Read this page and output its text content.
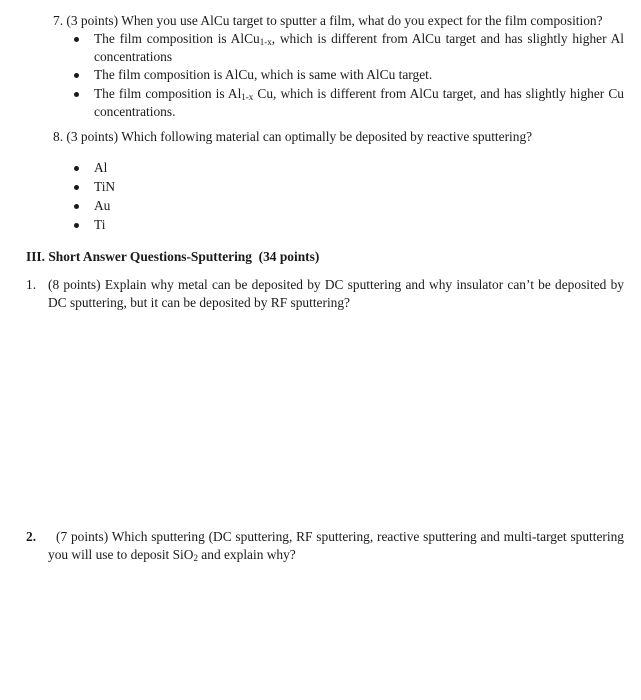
7. (3 points) When you use AlCu target to sputter a film, what do you expect for the film composition?
The film composition is AlCu$_{1-x}$, which is different from AlCu target and has slightly higher Al
concentrations
The film composition is AlCu, which is same with AlCu target.
The film composition is $Al_{1-x}$ Cu, which is different from AlCu target, and has slightly higher Cu
concentrations.
8. (3 points) Which following material can optimally be deposited by reactive sputtering?
Al
TiN
Au
Ti
III. Short Answer Questions-Sputtering (34 points)
1. (8 points) Explain why metal can be deposited by DC sputtering and why insulator can’t be deposited by
DC sputtering, but it can be deposited by RF sputtering?
2. (7 points) Which sputtering (DC sputtering, RF sputtering, reactive sputtering and multi-target sputtering
you will use to deposit SiO$_2$ and explain why?
